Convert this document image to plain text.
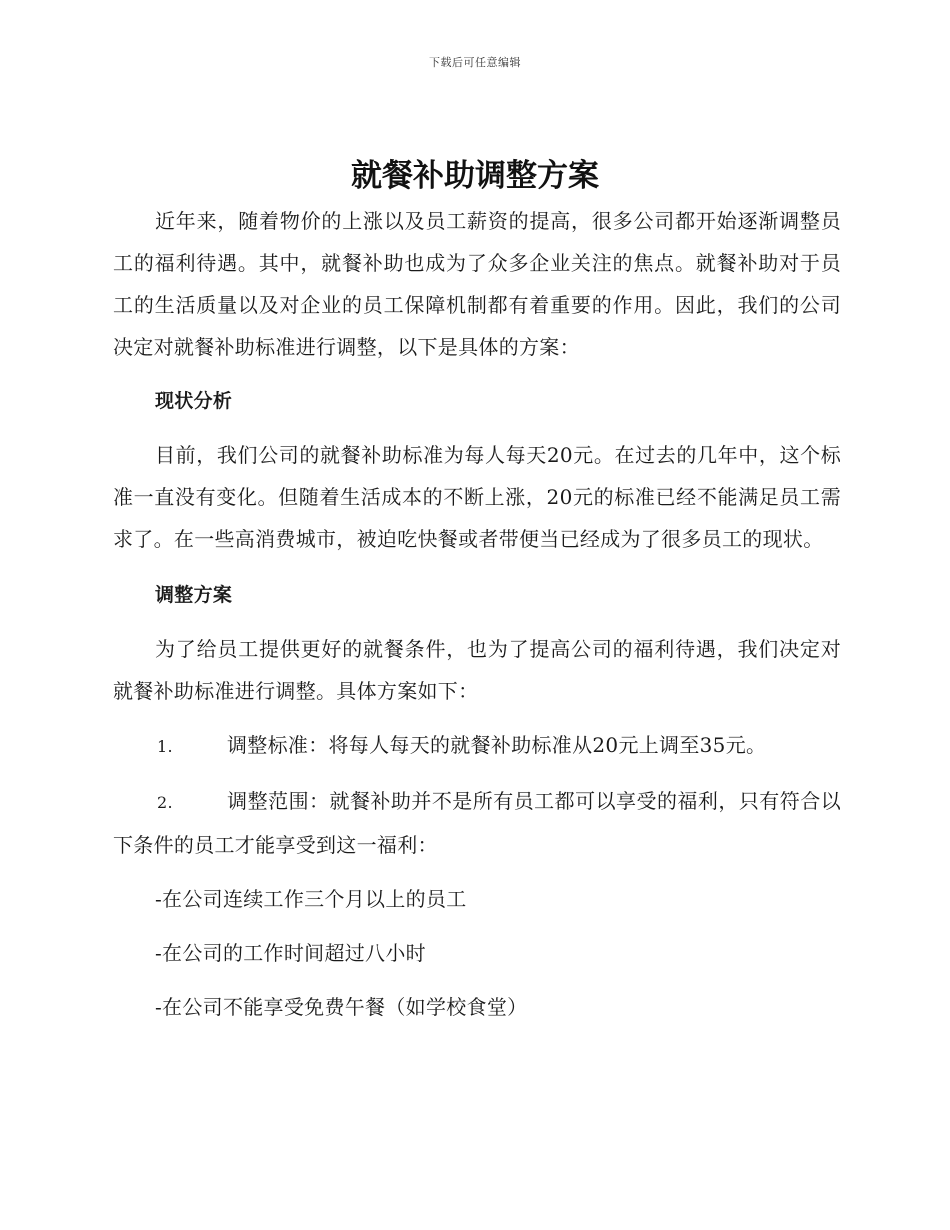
下载后可任意编辑
就餐补助调整方案

近年来，随着物价的上涨以及员工薪资的提高，很多公司都开始逐渐调整员工的福利待遇。其中，就餐补助也成为了众多企业关注的焦点。就餐补助对于员工的生活质量以及对企业的员工保障机制都有着重要的作用。因此，我们的公司决定对就餐补助标准进行调整，以下是具体的方案：

现状分析

目前，我们公司的就餐补助标准为每人每天20元。在过去的几年中，这个标准一直没有变化。但随着生活成本的不断上涨，20元的标准已经不能满足员工需求了。在一些高消费城市，被迫吃快餐或者带便当已经成为了很多员工的现状。

调整方案

为了给员工提供更好的就餐条件，也为了提高公司的福利待遇，我们决定对就餐补助标准进行调整。具体方案如下：

1.	调整标准：将每人每天的就餐补助标准从20元上调至35元。

2.	调整范围：就餐补助并不是所有员工都可以享受的福利，只有符合以下条件的员工才能享受到这一福利：

-在公司连续工作三个月以上的员工

-在公司的工作时间超过八小时

-在公司不能享受免费午餐（如学校食堂）
